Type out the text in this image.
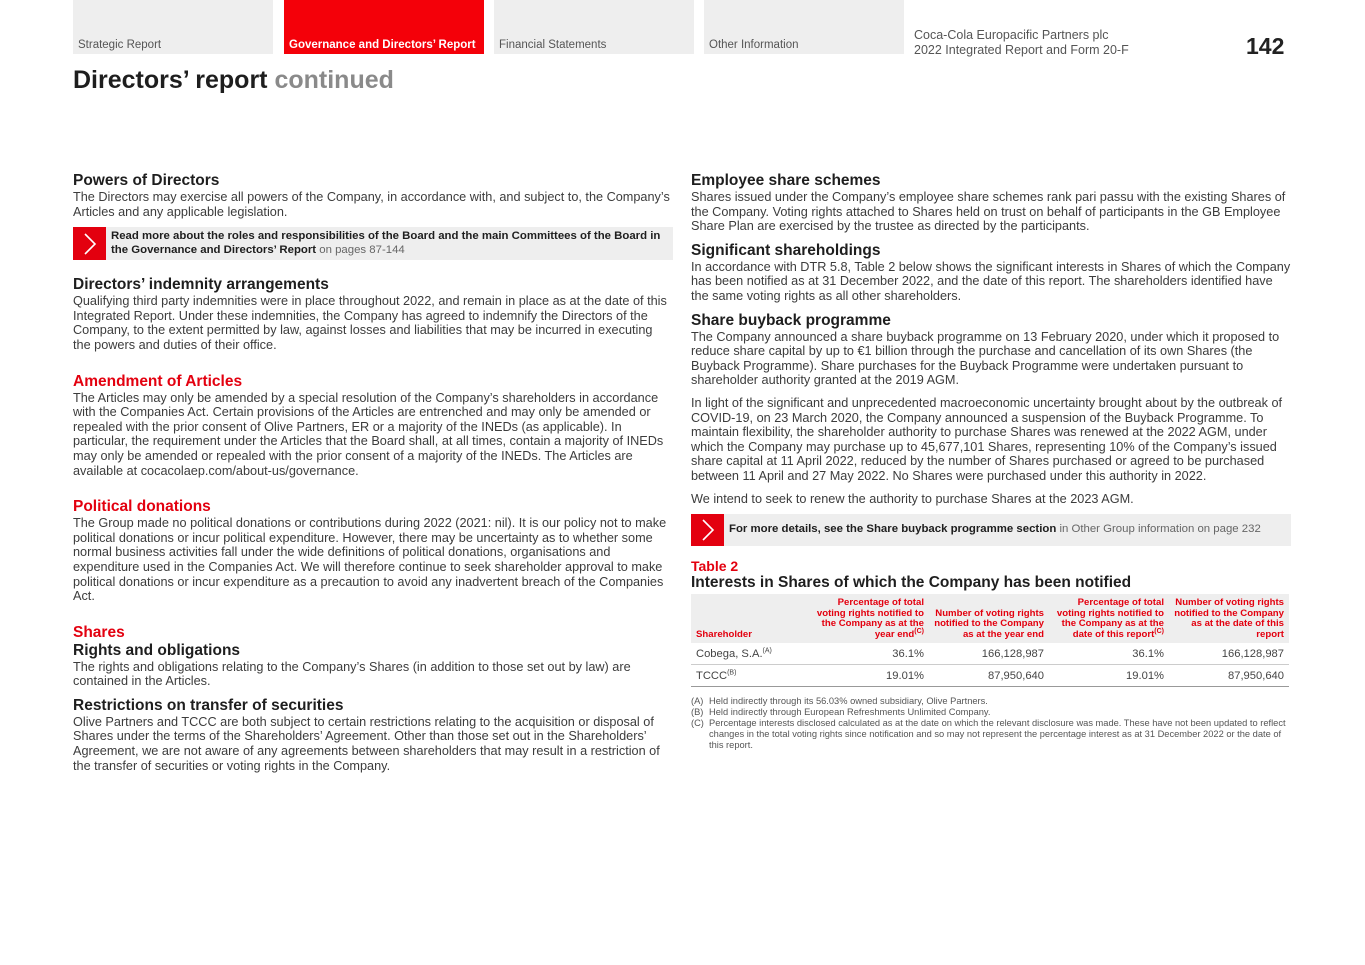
Strategic Report	Governance and Directors’ Report Financial Statements	Other Information
Coca-Cola Europacific Partners plc
2022 Integrated Report and Form 20-F	142
Directors’ report continued
Powers of Directors

The Directors may exercise all powers of the Company, in accordance with, and subject to, the Company’s Articles and any applicable legislation.

Read more about the roles and responsibilities of the Board and the main Committees of the Board in the Governance and Directors’ Report on pages 87-144
Directors’ indemnity arrangements

Qualifying third party indemnities were in place throughout 2022, and remain in place as at the date of this Integrated Report. Under these indemnities, the Company has agreed to indemnify the Directors of the Company, to the extent permitted by law, against losses and liabilities that may be incurred in executing the powers and duties of their office.

Amendment of Articles

The Articles may only be amended by a special resolution of the Company’s shareholders in accordance with the Companies Act. Certain provisions of the Articles are entrenched and may only be amended or repealed with the prior consent of Olive Partners, ER or a majority of the INEDs (as applicable). In particular, the requirement under the Articles that the Board shall, at all times, contain a majority of INEDs may only be amended or repealed with the prior consent of a majority of the INEDs. The Articles are available at cocacolaep.com/about-us/governance.

Political donations

The Group made no political donations or contributions during 2022 (2021: nil). It is our policy not to make political donations or incur political expenditure. However, there may be uncertainty as to whether some normal business activities fall under the wide definitions of political donations, organisations and expenditure used in the Companies Act. We will therefore continue to seek shareholder approval to make political donations or incur expenditure as a precaution to avoid any inadvertent breach of the Companies Act.

Shares
Rights and obligations

The rights and obligations relating to the Company’s Shares (in addition to those set out by law) are contained in the Articles.

Restrictions on transfer of securities

Olive Partners and TCCC are both subject to certain restrictions relating to the acquisition or disposal of Shares under the terms of the Shareholders’ Agreement. Other than those set out in the Shareholders’ Agreement, we are not aware of any agreements between shareholders that may result in a restriction of the transfer of securities or voting rights in the Company.

Employee share schemes

Shares issued under the Company’s employee share schemes rank pari passu with the existing Shares of the Company. Voting rights attached to Shares held on trust on behalf of participants in the GB Employee Share Plan are exercised by the trustee as directed by the participants.

Significant shareholdings

In accordance with DTR 5.8, Table 2 below shows the significant interests in Shares of which the Company has been notified as at 31 December 2022, and the date of this report. The shareholders identified have the same voting rights as all other shareholders.

Share buyback programme

The Company announced a share buyback programme on 13 February 2020, under which it proposed to reduce share capital by up to €1 billion through the purchase and cancellation of its own Shares (the Buyback Programme). Share purchases for the Buyback Programme were undertaken pursuant to shareholder authority granted at the 2019 AGM.

In light of the significant and unprecedented macroeconomic uncertainty brought about by the outbreak of COVID-19, on 23 March 2020, the Company announced a suspension of the Buyback Programme. To maintain flexibility, the shareholder authority to purchase Shares was renewed at the 2022 AGM, under which the Company may purchase up to 45,677,101 Shares, representing 10% of the Company’s issued share capital at 11 April 2022, reduced by the number of Shares purchased or agreed to be purchased between 11 April and 27 May 2022. No Shares were purchased under this authority in 2022.

We intend to seek to renew the authority to purchase Shares at the 2023 AGM.

For more details, see the Share buyback programme section in Other Group information on page 232
Table 2
Interests in Shares of which the Company has been notified
Shareholder	Percentage of total voting rights notified to the Company as at the year end$^{(C)}$	Number of voting rights notified to the Company as at the year end	Percentage of total voting rights notified to the Company as at the date of this report$^{(C)}$	Number of voting rights notified to the Company as at the date of this report
Cobega, S.A.$^{(A)}$	36.1%	166,128,987	36.1%	166,128,987
$TCCC^{(B)}$	19.01%	87,950,640	19.01%	87,950,640
(A) Held indirectly through its 56.03% owned subsidiary, Olive Partners.
(B) Held indirectly through European Refreshments Unlimited Company.
(C) Percentage interests disclosed calculated as at the date on which the relevant disclosure was made. These have not been updated to reflect changes in the total voting rights since notification and so may not represent the percentage interest as at 31 December 2022 or the date of this report.
